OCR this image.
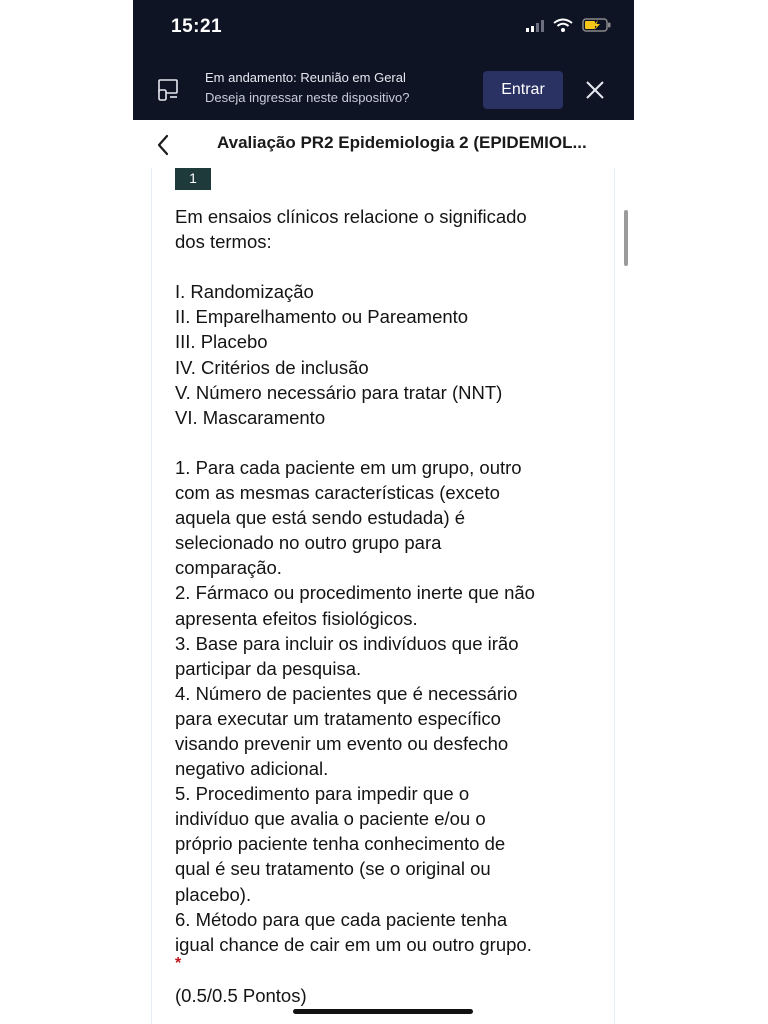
15:21
Em andamento: Reunião em Geral
Deseja ingressar neste dispositivo?	Entrar
Avaliação PR2 Epidemiologia 2 (EPIDEMIOL...
1

Em ensaios clínicos relacione o significado

dos termos:

I. Randomização

II. Emparelhamento ou Pareamento

III. Placebo

IV. Critérios de inclusão

V. Número necessário para tratar (NNT)

VI. Mascaramento

1. Para cada paciente em um grupo, outro

com as mesmas características (exceto

aquela que está sendo estudada) é

selecionado no outro grupo para

comparação.

2. Fármaco ou procedimento inerte que não

apresenta efeitos fisiológicos.

3. Base para incluir os indivíduos que irão

participar da pesquisa.

4. Número de pacientes que é necessário

para executar um tratamento específico

visando prevenir um evento ou desfecho

negativo adicional.

5. Procedimento para impedir que o

indivíduo que avalia o paciente e/ou o

próprio paciente tenha conhecimento de

qual é seu tratamento (se o original ou

placebo).

6. Método para que cada paciente tenha

igual chance de cair em um ou outro grupo.

*
(0.5/0.5 Pontos)
